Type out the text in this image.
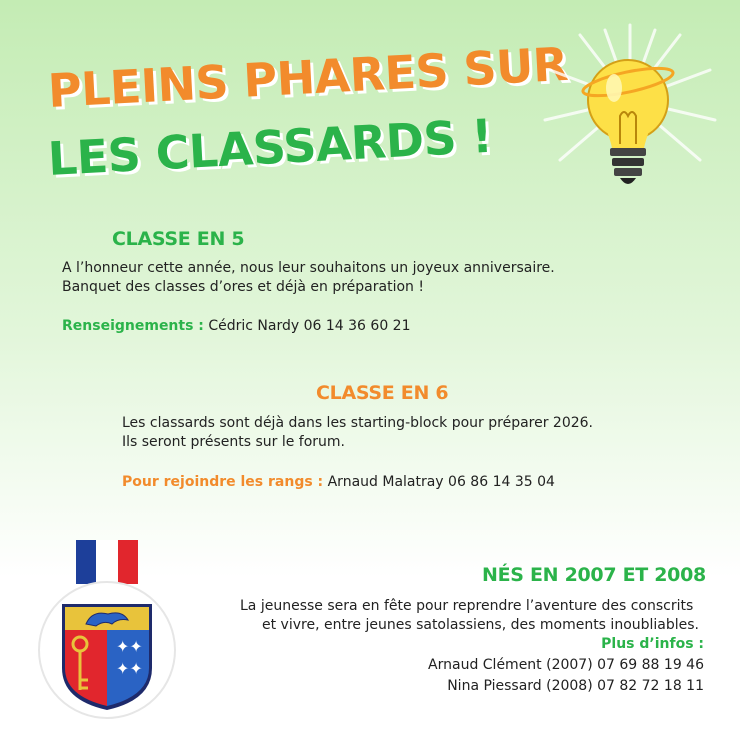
PLEINS PHARES SUR
LES CLASSARDS !
CLASSE EN 5

A l’honneur cette année, nous leur souhaitons un joyeux anniversaire.

Banquet des classes d’ores et déjà en préparation !

Renseignements : Cédric Nardy 06 14 36 60 21

CLASSE EN 6

Les classards sont déjà dans les starting-block pour préparer 2026.

Ils seront présents sur le forum.

Pour rejoindre les rangs : Arnaud Malatray 06 86 14 35 04

✦✦
✦✦
NÉS EN 2007 ET 2008

La jeunesse sera en fête pour reprendre l’aventure des conscrits

et vivre, entre jeunes satolassiens, des moments inoubliables.

Plus d’infos :

Arnaud Clément (2007) 07 69 88 19 46

Nina Piessard (2008) 07 82 72 18 11
